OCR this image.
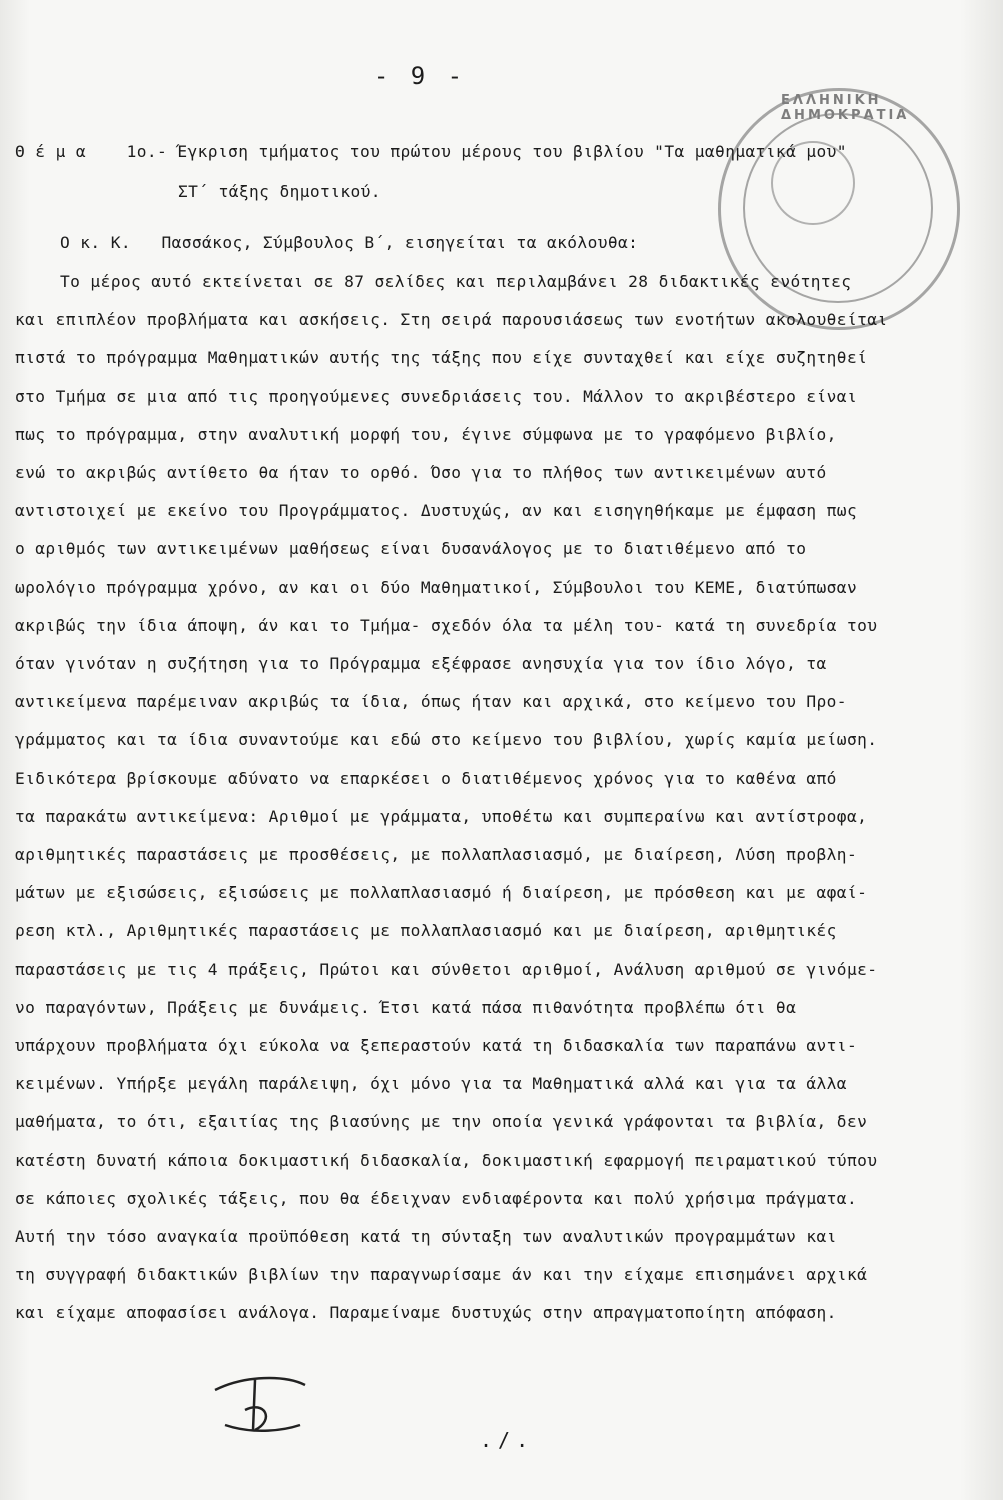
- 9 -
ΕΛΛΗΝΙΚΗ ΔΗΜΟΚΡΑΤΙΑ
Θ έ μ α    1ο.- Έγκριση τμήματος του πρώτου μέρους του βιβλίου "Τα μαθηματικά μου"
ΣΤ΄ τάξης δημοτικού.
Ο κ. Κ.   Πασσάκος, Σύμβουλος Β΄, εισηγείται τα ακόλουθα:
Το μέρος αυτό εκτείνεται σε 87 σελίδες και περιλαμβάνει 28 διδακτικές ενότητες
και επιπλέον προβλήματα και ασκήσεις. Στη σειρά παρουσιάσεως των ενοτήτων ακολουθείται
πιστά το πρόγραμμα Μαθηματικών αυτής της τάξης που είχε συνταχθεί και είχε συζητηθεί
στο Τμήμα σε μια από τις προηγούμενες συνεδριάσεις του. Μάλλον το ακριβέστερο είναι
πως το πρόγραμμα, στην αναλυτική μορφή του, έγινε σύμφωνα με το γραφόμενο βιβλίο,
ενώ το ακριβώς αντίθετο θα ήταν το ορθό. Όσο για το πλήθος των αντικειμένων αυτό
αντιστοιχεί με εκείνο του Προγράμματος. Δυστυχώς, αν και εισηγηθήκαμε με έμφαση πως
ο αριθμός των αντικειμένων μαθήσεως είναι δυσανάλογος με το διατιθέμενο από το
ωρολόγιο πρόγραμμα χρόνο, αν και οι δύο Μαθηματικοί, Σύμβουλοι του ΚΕΜΕ, διατύπωσαν
ακριβώς την ίδια άποψη, άν και το Τμήμα- σχεδόν όλα τα μέλη του- κατά τη συνεδρία του
όταν γινόταν η συζήτηση για το Πρόγραμμα εξέφρασε ανησυχία για τον ίδιο λόγο, τα
αντικείμενα παρέμειναν ακριβώς τα ίδια, όπως ήταν και αρχικά, στο κείμενο του Προ-
γράμματος και τα ίδια συναντούμε και εδώ στο κείμενο του βιβλίου, χωρίς καμία μείωση.
Ειδικότερα βρίσκουμε αδύνατο να επαρκέσει ο διατιθέμενος χρόνος για το καθένα από
τα παρακάτω αντικείμενα: Αριθμοί με γράμματα, υποθέτω και συμπεραίνω και αντίστροφα,
αριθμητικές παραστάσεις με προσθέσεις, με πολλαπλασιασμό, με διαίρεση, Λύση προβλη-
μάτων με εξισώσεις, εξισώσεις με πολλαπλασιασμό ή διαίρεση, με πρόσθεση και με αφαί-
ρεση κτλ., Αριθμητικές παραστάσεις με πολλαπλασιασμό και με διαίρεση, αριθμητικές
παραστάσεις με τις 4 πράξεις, Πρώτοι και σύνθετοι αριθμοί, Ανάλυση αριθμού σε γινόμε-
νο παραγόντων, Πράξεις με δυνάμεις. Έτσι κατά πάσα πιθανότητα προβλέπω ότι θα
υπάρχουν προβλήματα όχι εύκολα να ξεπεραστούν κατά τη διδασκαλία των παραπάνω αντι-
κειμένων. Υπήρξε μεγάλη παράλειψη, όχι μόνο για τα Μαθηματικά αλλά και για τα άλλα
μαθήματα, το ότι, εξαιτίας της βιασύνης με την οποία γενικά γράφονται τα βιβλία, δεν
κατέστη δυνατή κάποια δοκιμαστική διδασκαλία, δοκιμαστική εφαρμογή πειραματικού τύπου
σε κάποιες σχολικές τάξεις, που θα έδειχναν ενδιαφέροντα και πολύ χρήσιμα πράγματα.
Αυτή την τόσο αναγκαία προϋπόθεση κατά τη σύνταξη των αναλυτικών προγραμμάτων και
τη συγγραφή διδακτικών βιβλίων την παραγνωρίσαμε άν και την είχαμε επισημάνει αρχικά
και είχαμε αποφασίσει ανάλογα. Παραμείναμε δυστυχώς στην απραγματοποίητη απόφαση.
./.
